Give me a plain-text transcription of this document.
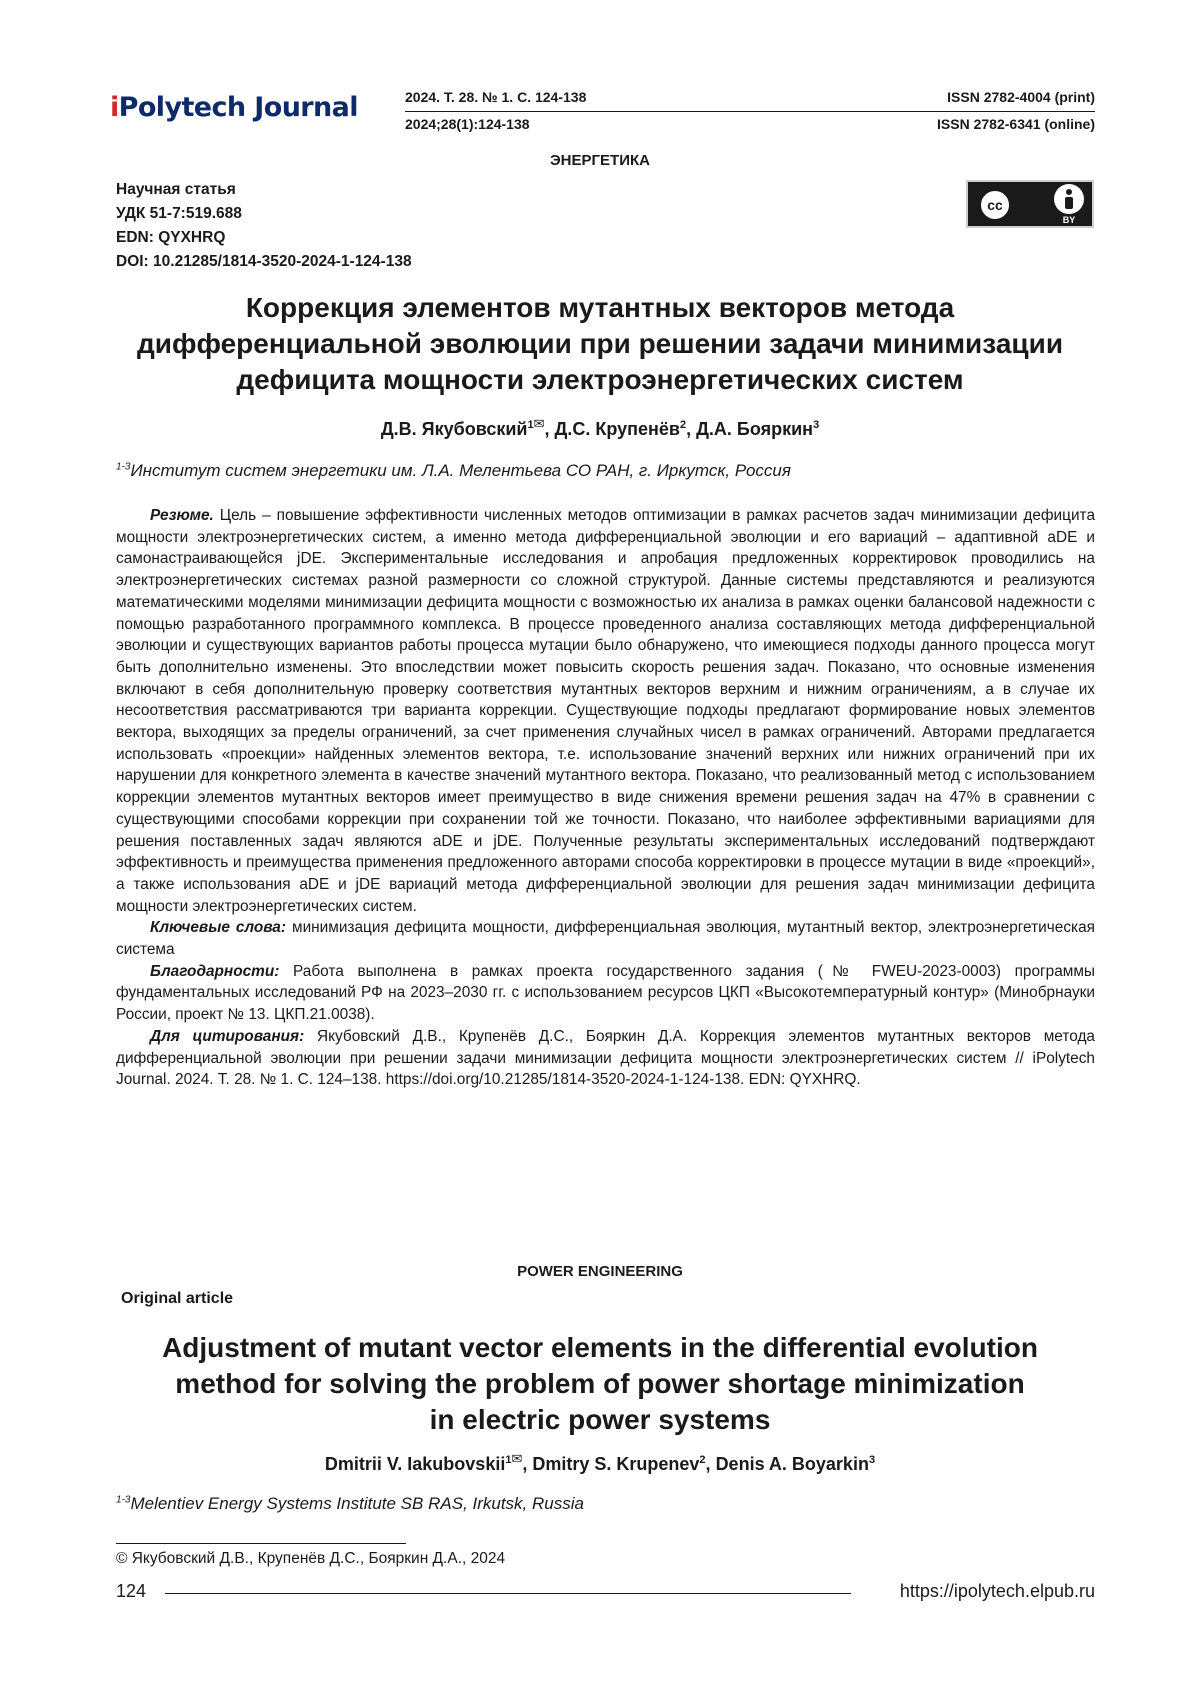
iPolytech Journal	2024. Т. 28. № 1. С. 124-138	ISSN 2782-4004 (print)
2024;28(1):124-138	ISSN 2782-6341 (online)
ЭНЕРГЕТИКА
Научная статья
УДК 51-7:519.688
EDN: QYXHRQ
DOI: 10.21285/1814-3520-2024-1-124-138
cc
BY
Коррекция элементов мутантных векторов метода
дифференциальной эволюции при решении задачи минимизации
дефицита мощности электроэнергетических систем
Д.В. Якубовский$^{1✉}$, Д.С. Крупенёв$^2$, Д.А. Бояркин$^3$
$^{1-3}$Институт систем энергетики им. Л.А. Мелентьева СО РАН, г. Иркутск, Россия

Резюме. Цель – повышение эффективности численных методов оптимизации в рамках расчетов задач минимизации дефицита мощности электроэнергетических систем, а именно метода дифференциальной эволюции и его вариаций – адаптивной aDE и самонастраивающейся jDE. Экспериментальные исследования и апробация предложенных корректировок проводились на электроэнергетических системах разной размерности со сложной структурой. Данные системы представляются и реализуются математическими моделями минимизации дефицита мощности с возможностью их анализа в рамках оценки балансовой надежности с помощью разработанного программного комплекса. В процессе проведенного анализа составляющих метода дифференциальной эволюции и существующих вариантов работы процесса мутации было обнаружено, что имеющиеся подходы данного процесса могут быть дополнительно изменены. Это впоследствии может повысить скорость решения задач. Показано, что основные изменения включают в себя дополнительную проверку соответствия мутантных векторов верхним и нижним ограничениям, а в случае их несоответствия рассматриваются три варианта коррекции. Существующие подходы предлагают формирование новых элементов вектора, выходящих за пределы ограничений, за счет применения случайных чисел в рамках ограничений. Авторами предлагается использовать «проекции» найденных элементов вектора, т.е. использование значений верхних или нижних ограничений при их нарушении для конкретного элемента в качестве значений мутантного вектора. Показано, что реализованный метод с использованием коррекции элементов мутантных векторов имеет преимущество в виде снижения времени решения задач на 47% в сравнении с существующими способами коррекции при сохранении той же точности. Показано, что наиболее эффективными вариациями для решения поставленных задач являются aDE и jDE. Полученные результаты экспериментальных исследований подтверждают эффективность и преимущества применения предложенного авторами способа корректировки в процессе мутации в виде «проекций», а также использования aDE и jDE вариаций метода дифференциальной эволюции для решения задач минимизации дефицита мощности электроэнергетических систем.

Ключевые слова: минимизация дефицита мощности, дифференциальная эволюция, мутантный вектор, электроэнергетическая система

Благодарности: Работа выполнена в рамках проекта государственного задания (№ FWEU-2023-0003) программы фундаментальных исследований РФ на 2023–2030 гг. с использованием ресурсов ЦКП «Высокотемпературный контур» (Минобрнауки России, проект № 13. ЦКП.21.0038).

Для цитирования: Якубовский Д.В., Крупенёв Д.С., Бояркин Д.А. Коррекция элементов мутантных векторов метода дифференциальной эволюции при решении задачи минимизации дефицита мощности электроэнергетических систем // iPolytech Journal. 2024. Т. 28. № 1. С. 124–138. https://doi.org/10.21285/1814-3520-2024-1-124-138. EDN: QYXHRQ.

POWER ENGINEERING
Original article
Adjustment of mutant vector elements in the differential evolution
method for solving the problem of power shortage minimization
in electric power systems
Dmitrii V. Iakubovskii$^{1✉}$, Dmitry S. Krupenev$^2$, Denis A. Boyarkin$^3$
$^{1-3}$Melentiev Energy Systems Institute SB RAS, Irkutsk, Russia
© Якубовский Д.В., Крупенёв Д.С., Бояркин Д.А., 2024
124	https://ipolytech.elpub.ru
